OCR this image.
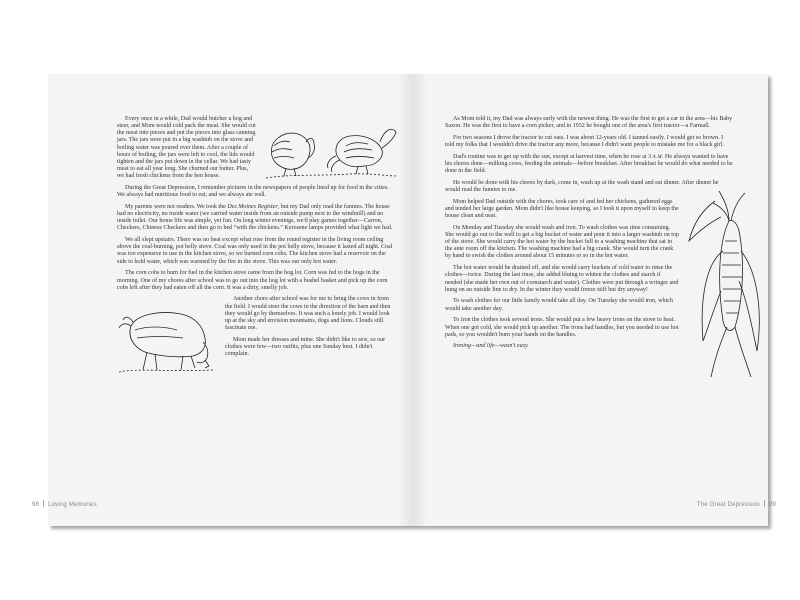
Every once in a while, Dad would butcher a hog and steer, and Mom would cold pack the meat. She would cut the meat into pieces and put the pieces into glass canning jars. The jars were put in a big washtub on the stove and boiling water was poured over them. After a couple of hours of boiling, the jars were left to cool, the lids would tighten and the jars put down in the cellar. We had tasty meat to eat all year long. She churned our butter. Plus, we had fresh chickens from the hen house.

During the Great Depression, I remember pictures in the newspapers of people lined up for food in the cities. We always had nutritious food to eat, and we always ate well.

My parents were not readers. We took the Des Moines Register, but my Dad only read the funnies. The house had no electricity, no inside water (we carried water inside from an outside pump next to the windmill) and no inside toilet. Our home life was simple, yet fun. On long winter evenings, we'd play games together—Carron, Checkers, Chinese Checkers and then go to bed “with the chickens.” Kerosene lamps provided what light we had.

We all slept upstairs. There was no heat except what rose from the round register in the living room ceiling above the coal-burning, pot belly stove. Coal was only used in the pot belly stove, because it lasted all night. Coal was too expensive to use in the kitchen stove, so we burned corn cobs. The kitchen stove had a reservoir on the side to hold water, which was warmed by the fire in the stove. This was our only hot water.

The corn cobs to burn for fuel in the kitchen stove came from the hog lot. Corn was fed to the hogs in the morning. One of my chores after school was to go out into the hog lot with a bushel basket and pick up the corn cobs left after they had eaten off all the corn. It was a dirty, smelly job.

Another chore after school was for me to bring the cows in from the field. I would steer the cows in the direction of the barn and then they would go by themselves. It was such a lonely job. I would look up at the sky and envision mountains, dogs and lions. Clouds still fascinate me.

Mom made her dresses and mine. She didn't like to sew, so our clothes were few—two outfits, plus one Sunday best. I didn't complain.

98 Loving Memories

As Mom told it, my Dad was always early with the newest thing. He was the first to get a car in the area—his Baby Saxon. He was the first to have a corn picker, and in 1932 he bought one of the area's first tractor—a Farmall.

For two seasons I drove the tractor to cut oats. I was about 12-years old. I tanned easily. I would get so brown. I told my folks that I wouldn't drive the tractor any more, because I didn't want people to mistake me for a black girl.

Dad's routine was to get up with the sun, except at harvest time, when he rose at 3 A.M. He always wanted to have his chores done—milking cows, feeding the animals—before breakfast. After breakfast he would do what needed to be done in the field.

He would be done with his chores by dark, come in, wash up at the wash stand and eat dinner. After dinner he would read the funnies to me.

Mom helped Dad outside with the chores, took care of and fed her chickens, gathered eggs and tended her large garden. Mom didn't like house keeping, so I took it upon myself to keep the house clean and neat.

On Monday and Tuesday she would wash and iron. To wash clothes was time consuming. She would go out to the well to get a big bucket of water and pour it into a larger washtub on top of the stove. She would carry the hot water by the bucket full to a washing machine that sat in the ante room off the kitchen. The washing machine had a big crank. She would turn the crank by hand to swish the clothes around about 15 minutes or so in the hot water.

The hot water would be drained off, and she would carry buckets of cold water to rinse the clothes—twice. During the last rinse, she added bluing to whiten the clothes and starch if needed (she made her own out of cornstarch and water). Clothes were put through a wringer and hung on an outside line to dry. In the winter they would freeze stiff but dry anyway!

To wash clothes for our little family would take all day. On Tuesday she would iron, which would take another day.

To iron the clothes took several irons. She would put a few heavy irons on the stove to heat. When one got cold, she would pick up another. The irons had handles, but you needed to use hot pads, so you wouldn't burn your hands on the handles.

Ironing—and life—wasn't easy.

The Great Depression 99
